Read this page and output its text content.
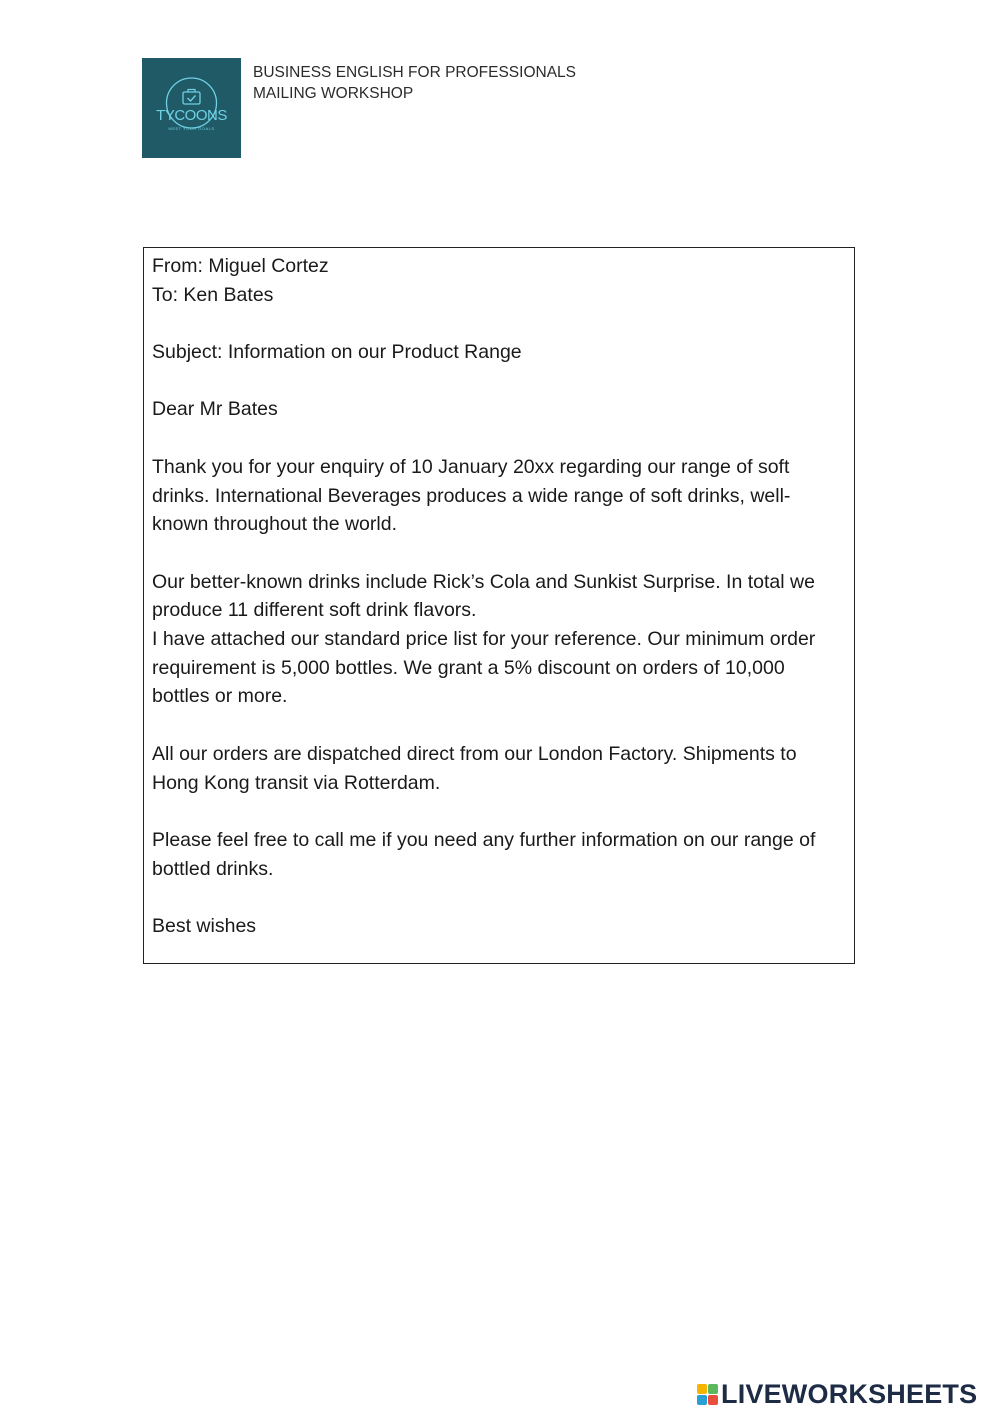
TYCOONS
MEET YOUR GOALS
BUSINESS ENGLISH FOR PROFESSIONALS
MAILING WORKSHOP

From: Miguel Cortez

To: Ken Bates

Subject: Information on our Product Range

Dear Mr Bates

Thank you for your enquiry of 10 January 20xx regarding our range of soft drinks. International Beverages produces a wide range of soft drinks, well-known throughout the world.

Our better-known drinks include Rick’s Cola and Sunkist Surprise. In total we produce 11 different soft drink flavors.

I have attached our standard price list for your reference. Our minimum order requirement is 5,000 bottles. We grant a 5% discount on orders of 10,000 bottles or more.

All our orders are dispatched direct from our London Factory. Shipments to Hong Kong transit via Rotterdam.

Please feel free to call me if you need any further information on our range of bottled drinks.

Best wishes

LIVEWORKSHEETS
